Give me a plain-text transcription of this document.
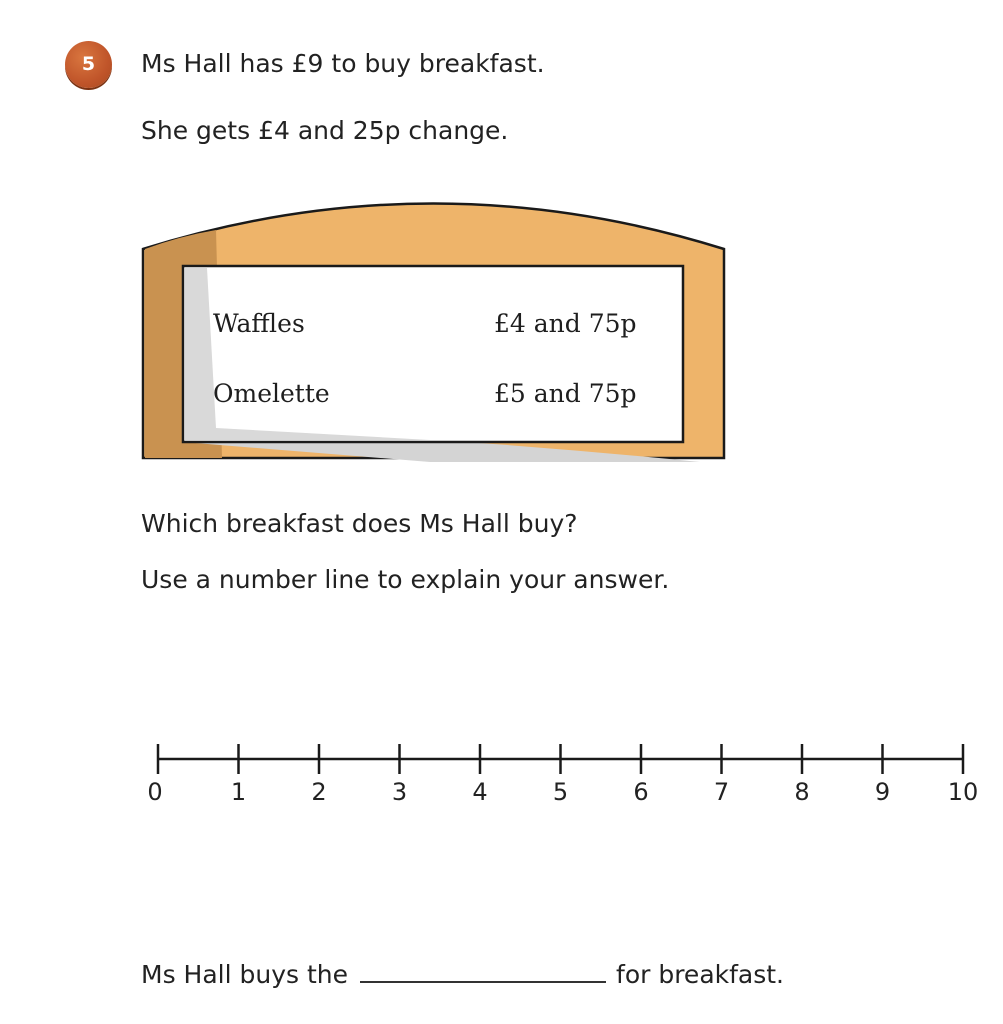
5	Ms Hall has £9 to buy breakfast.
She gets £4 and 25p change.
Waffles	£4 and 75p
Omelette	£5 and 75p
Which breakfast does Ms Hall buy?
Use a number line to explain your answer.
0	1	2	3	4	5	6	7	8	9	10
Ms Hall buys the	for breakfast.
